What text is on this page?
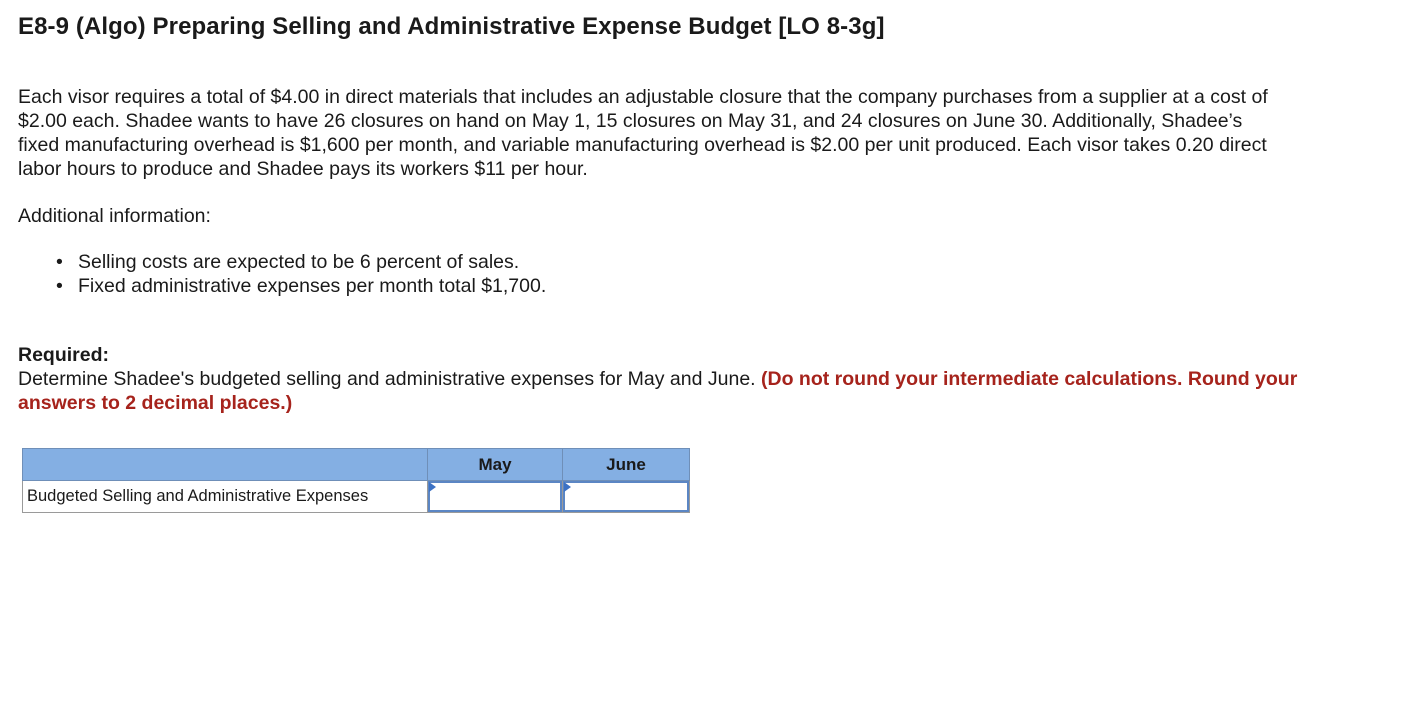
E8-9 (Algo) Preparing Selling and Administrative Expense Budget [LO 8-3g]

Each visor requires a total of $4.00 in direct materials that includes an adjustable closure that the company purchases from a supplier at a cost of $2.00 each. Shadee wants to have 26 closures on hand on May 1, 15 closures on May 31, and 24 closures on June 30. Additionally, Shadee’s fixed manufacturing overhead is $1,600 per month, and variable manufacturing overhead is $2.00 per unit produced. Each visor takes 0.20 direct labor hours to produce and Shadee pays its workers $11 per hour.

Additional information:

• Selling costs are expected to be 6 percent of sales.
• Fixed administrative expenses per month total $1,700.
Required:
Determine Shadee's budgeted selling and administrative expenses for May and June. (Do not round your intermediate calculations. Round your answers to 2 decimal places.)
	May	June
Budgeted Selling and Administrative Expenses	
